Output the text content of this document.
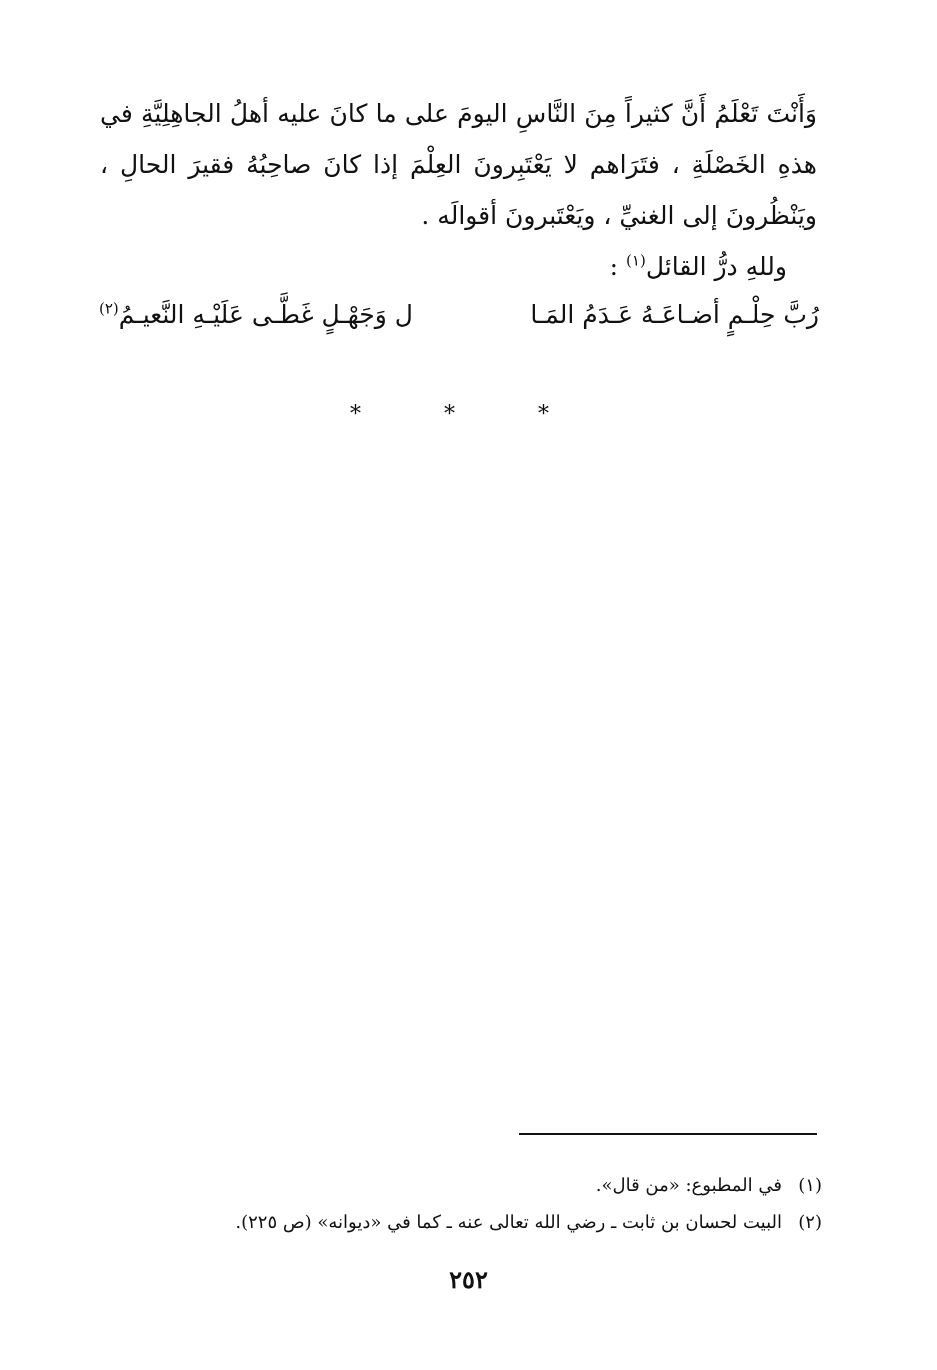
وَأَنْتَ تَعْلَمُ أَنَّ كثيراً مِنَ النَّاسِ اليومَ على ما كانَ عليه أهلُ الجاهِلِيَّةِ في
هذهِ الخَصْلَةِ ، فتَرَاهم لا يَعْتَبِرونَ العِلْمَ إذا كانَ صاحِبُهُ فقيرَ الحالِ ،
ويَنْظُرونَ إلى الغنيِّ ، ويَعْتَبرونَ أقوالَه .
وللهِ درُّ القائل$^{(١)}$ :
رُبَّ حِلْـمٍ أضـاعَـهُ عَـدَمُ المَـا
ل وَجَهْـلٍ غَطَّـى عَلَيْـهِ النَّعيـمُ$^{(٢)}$
* * *
(١)في المطبوع: «من قال».
(٢)البيت لحسان بن ثابت ـ رضي الله تعالى عنه ـ كما في «ديوانه» (ص ٢٢٥).
٢٥٢
